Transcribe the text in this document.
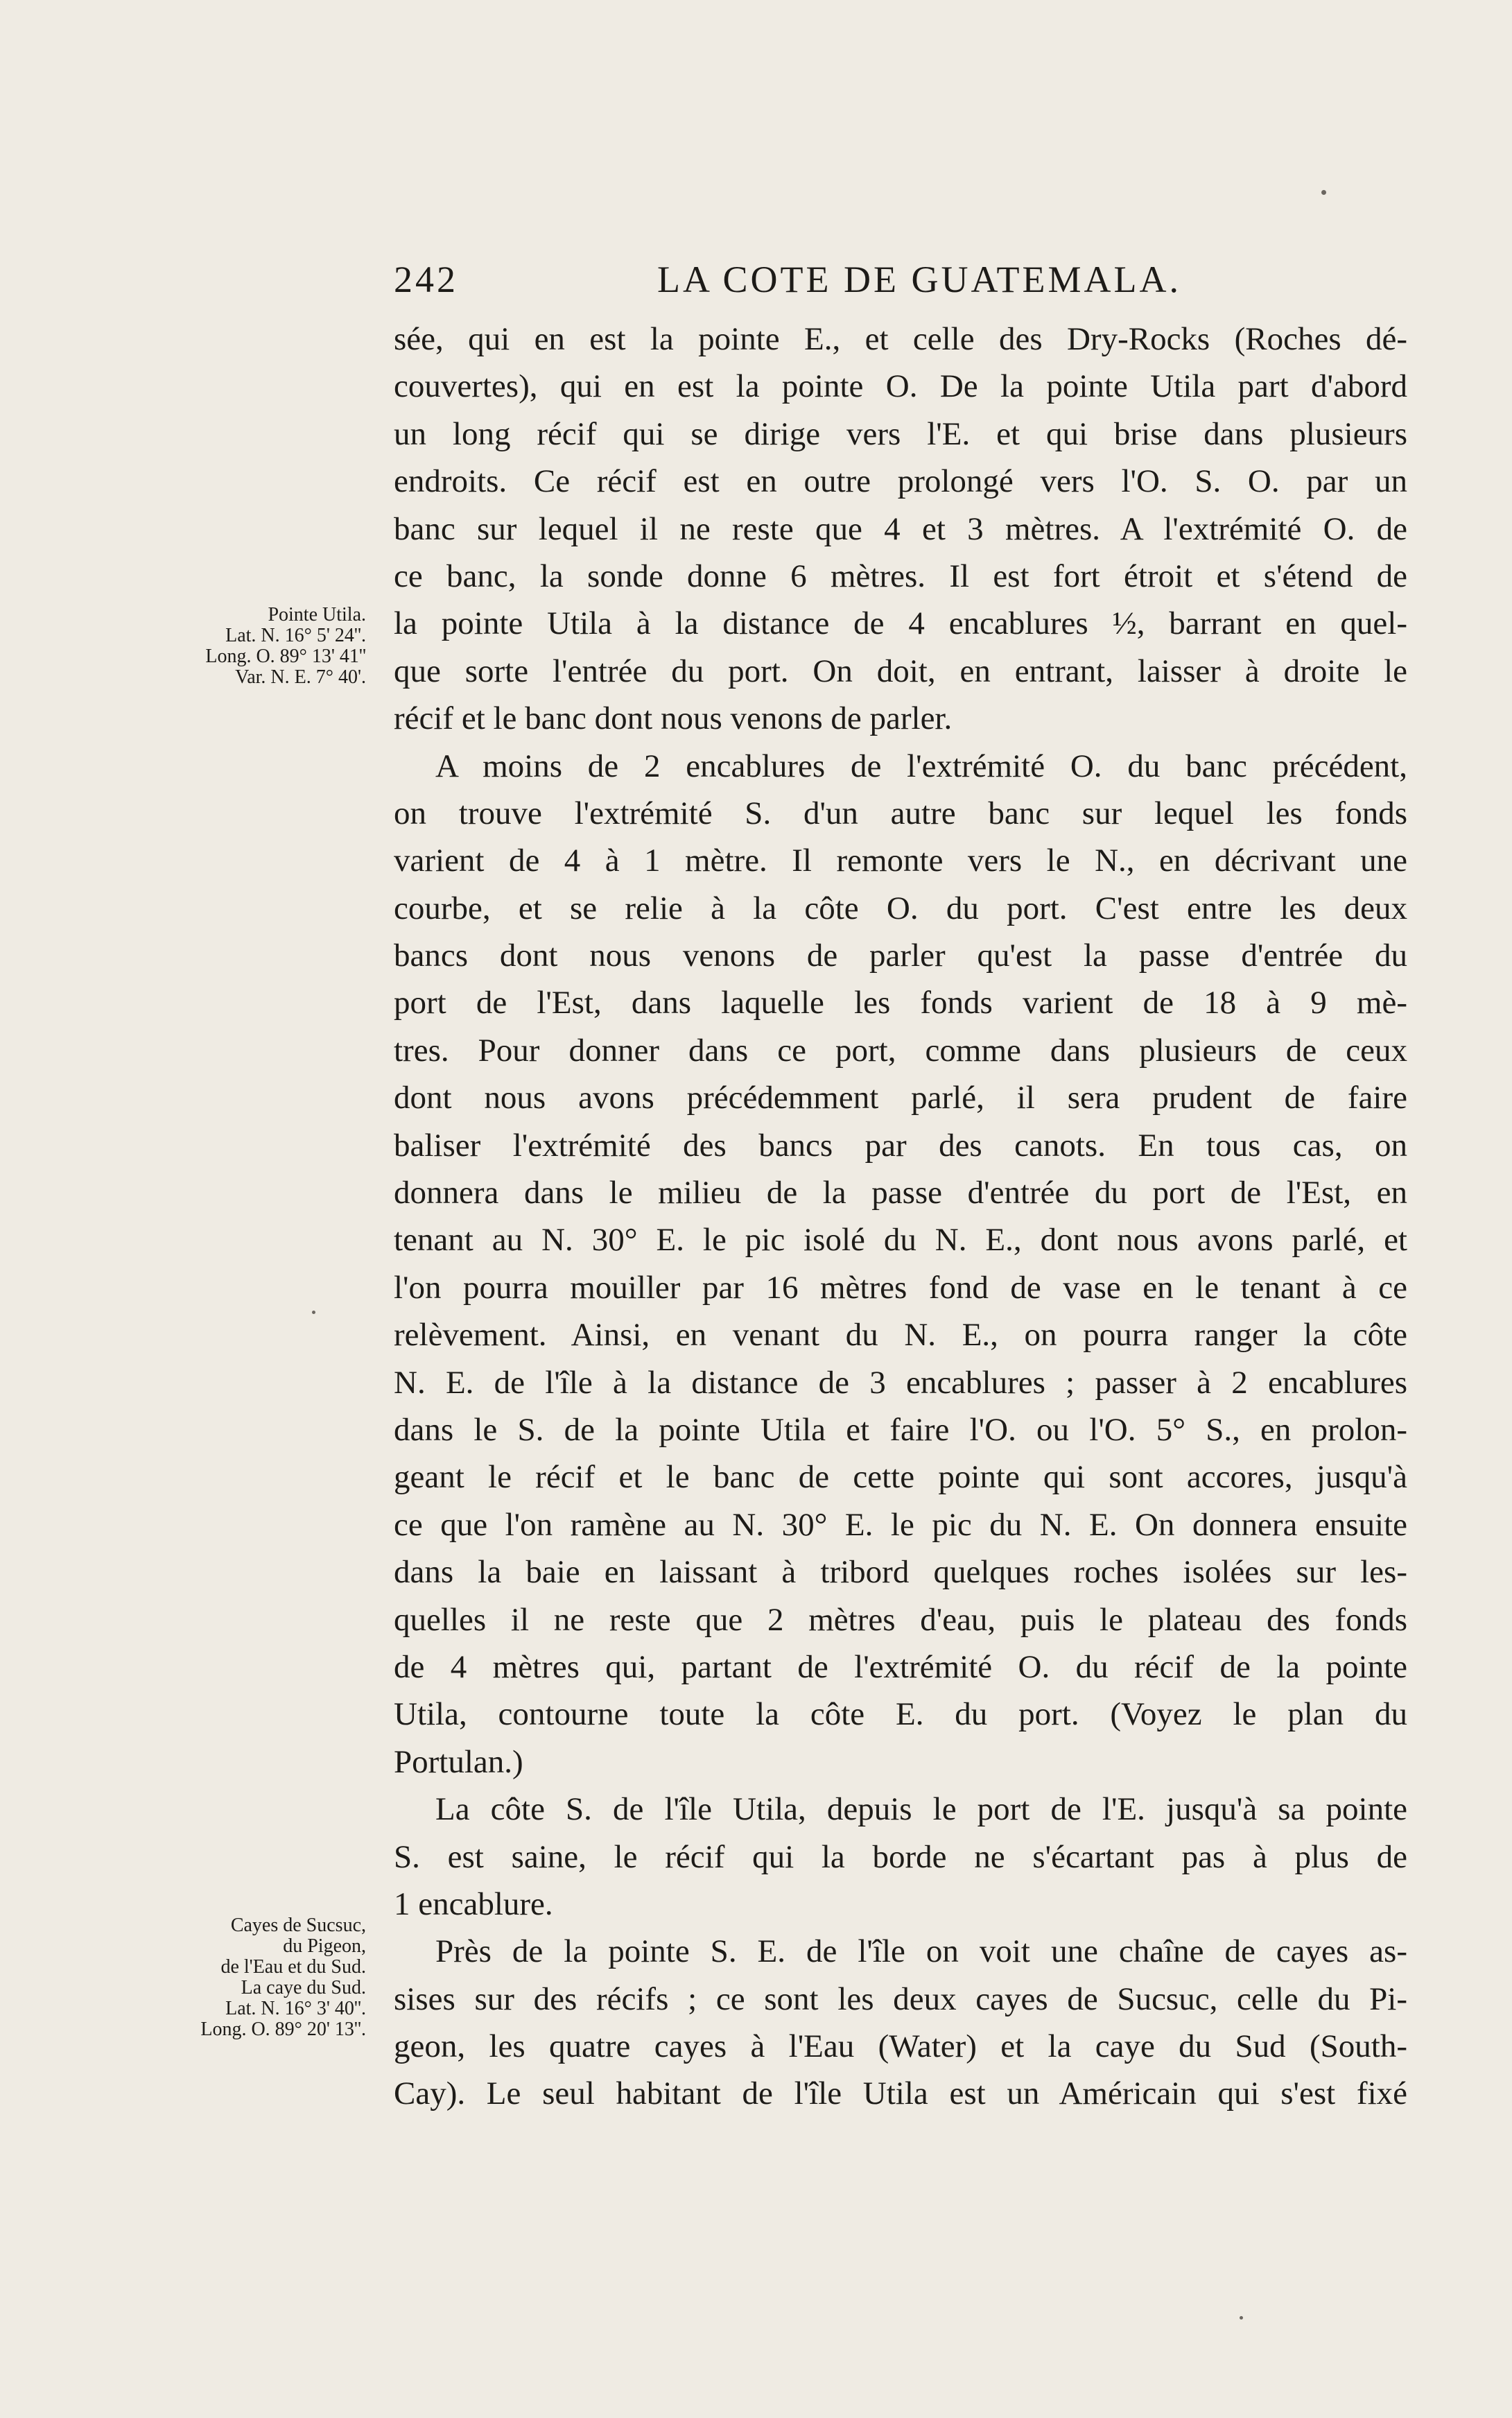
242	LA COTE DE GUATEMALA.
sée, qui en est la pointe E., et celle des Dry-Rocks (Roches dé-
couvertes), qui en est la pointe O. De la pointe Utila part d'abord
un long récif qui se dirige vers l'E. et qui brise dans plusieurs
endroits. Ce récif est en outre prolongé vers l'O. S. O. par un
banc sur lequel il ne reste que 4 et 3 mètres. A l'extrémité O. de
ce banc, la sonde donne 6 mètres. Il est fort étroit et s'étend de
la pointe Utila à la distance de 4 encablures ½, barrant en quel-
que sorte l'entrée du port. On doit, en entrant, laisser à droite le
récif et le banc dont nous venons de parler.
A moins de 2 encablures de l'extrémité O. du banc précédent,
on trouve l'extrémité S. d'un autre banc sur lequel les fonds
varient de 4 à 1 mètre. Il remonte vers le N., en décrivant une
courbe, et se relie à la côte O. du port. C'est entre les deux
bancs dont nous venons de parler qu'est la passe d'entrée du
port de l'Est, dans laquelle les fonds varient de 18 à 9 mè-
tres. Pour donner dans ce port, comme dans plusieurs de ceux
dont nous avons précédemment parlé, il sera prudent de faire
baliser l'extrémité des bancs par des canots. En tous cas, on
donnera dans le milieu de la passe d'entrée du port de l'Est, en
tenant au N. 30° E. le pic isolé du N. E., dont nous avons parlé, et
l'on pourra mouiller par 16 mètres fond de vase en le tenant à ce
relèvement. Ainsi, en venant du N. E., on pourra ranger la côte
N. E. de l'île à la distance de 3 encablures ; passer à 2 encablures
dans le S. de la pointe Utila et faire l'O. ou l'O. 5° S., en prolon-
geant le récif et le banc de cette pointe qui sont accores, jusqu'à
ce que l'on ramène au N. 30° E. le pic du N. E. On donnera ensuite
dans la baie en laissant à tribord quelques roches isolées sur les-
quelles il ne reste que 2 mètres d'eau, puis le plateau des fonds
de 4 mètres qui, partant de l'extrémité O. du récif de la pointe
Utila, contourne toute la côte E. du port. (Voyez le plan du
Portulan.)
La côte S. de l'île Utila, depuis le port de l'E. jusqu'à sa pointe
S. est saine, le récif qui la borde ne s'écartant pas à plus de
1 encablure.
Près de la pointe S. E. de l'île on voit une chaîne de cayes as-
sises sur des récifs ; ce sont les deux cayes de Sucsuc, celle du Pi-
geon, les quatre cayes à l'Eau (Water) et la caye du Sud (South-
Cay). Le seul habitant de l'île Utila est un Américain qui s'est fixé
Pointe Utila.
Lat. N. 16° 5' 24''.
Long. O. 89° 13' 41''
Var. N. E. 7° 40'.
Cayes de Sucsuc,
du Pigeon,
de l'Eau et du Sud.
La caye du Sud.
Lat. N. 16° 3' 40''.
Long. O. 89° 20' 13''.
